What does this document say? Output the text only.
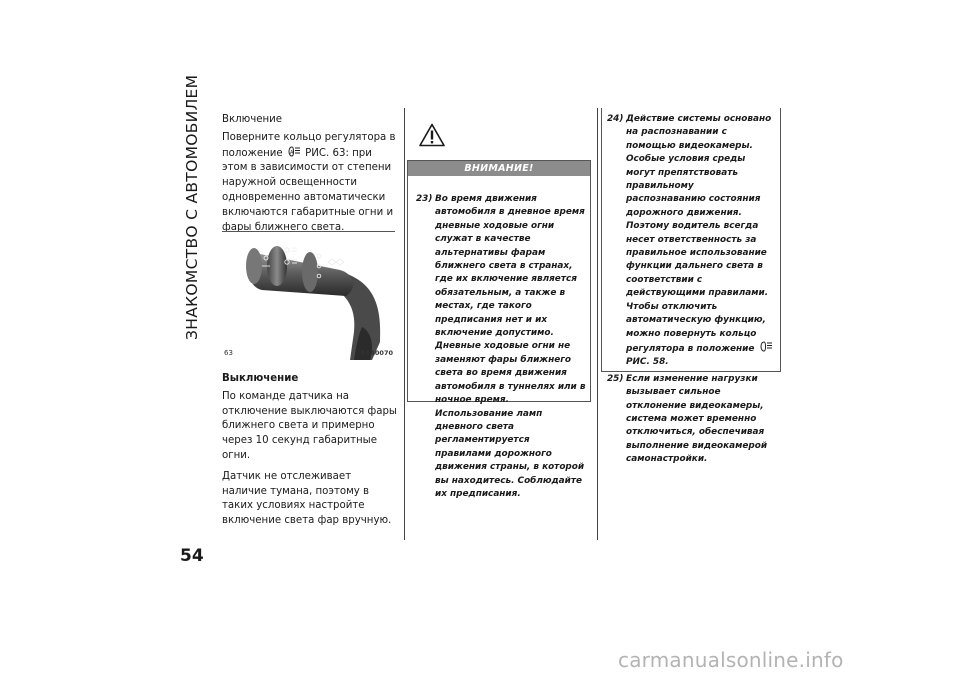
ЗНАКОМСТВО С АВТОМОБИЛЕМ
54

Включение

Поверните кольцо регулятора в положение A РИС. 63: при этом в зависимости от степени наружной освещенности одновременно автоматически включаются габаритные огни и фары ближнего света.

63	F1A0070

Выключение

По команде датчика на отключение выключаются фары ближнего света и примерно через 10 секунд габаритные огни.

Датчик не отслеживает наличие тумана, поэтому в таких условиях настройте включение света фар вручную.

ВНИМАНИЕ!
23) Во время движения автомобиля в дневное время дневные ходовые огни служат в качестве альтернативы фарам ближнего света в странах, где их включение является обязательным, а также в местах, где такого предписания нет и их включение допустимо. Дневные ходовые огни не заменяют фары ближнего света во время движения автомобиля в туннелях или в ночное время. Использование ламп дневного света регламентируется правилами дорожного движения страны, в которой вы находитесь. Соблюдайте их предписания.
24) Действие системы основано на распознавании с помощью видеокамеры. Особые условия среды могут препятствовать правильному распознаванию состояния дорожного движения. Поэтому водитель всегда несет ответственность за правильное использование функции дальнего света в соответствии с действующими правилами. Чтобы отключить автоматическую функцию, можно повернуть кольцо регулятора в положение  РИС. 58.
25) Если изменение нагрузки вызывает сильное отклонение видеокамеры, система может временно отключиться, обеспечивая выполнение видеокамерой самонастройки.
carmanualsonline.info
